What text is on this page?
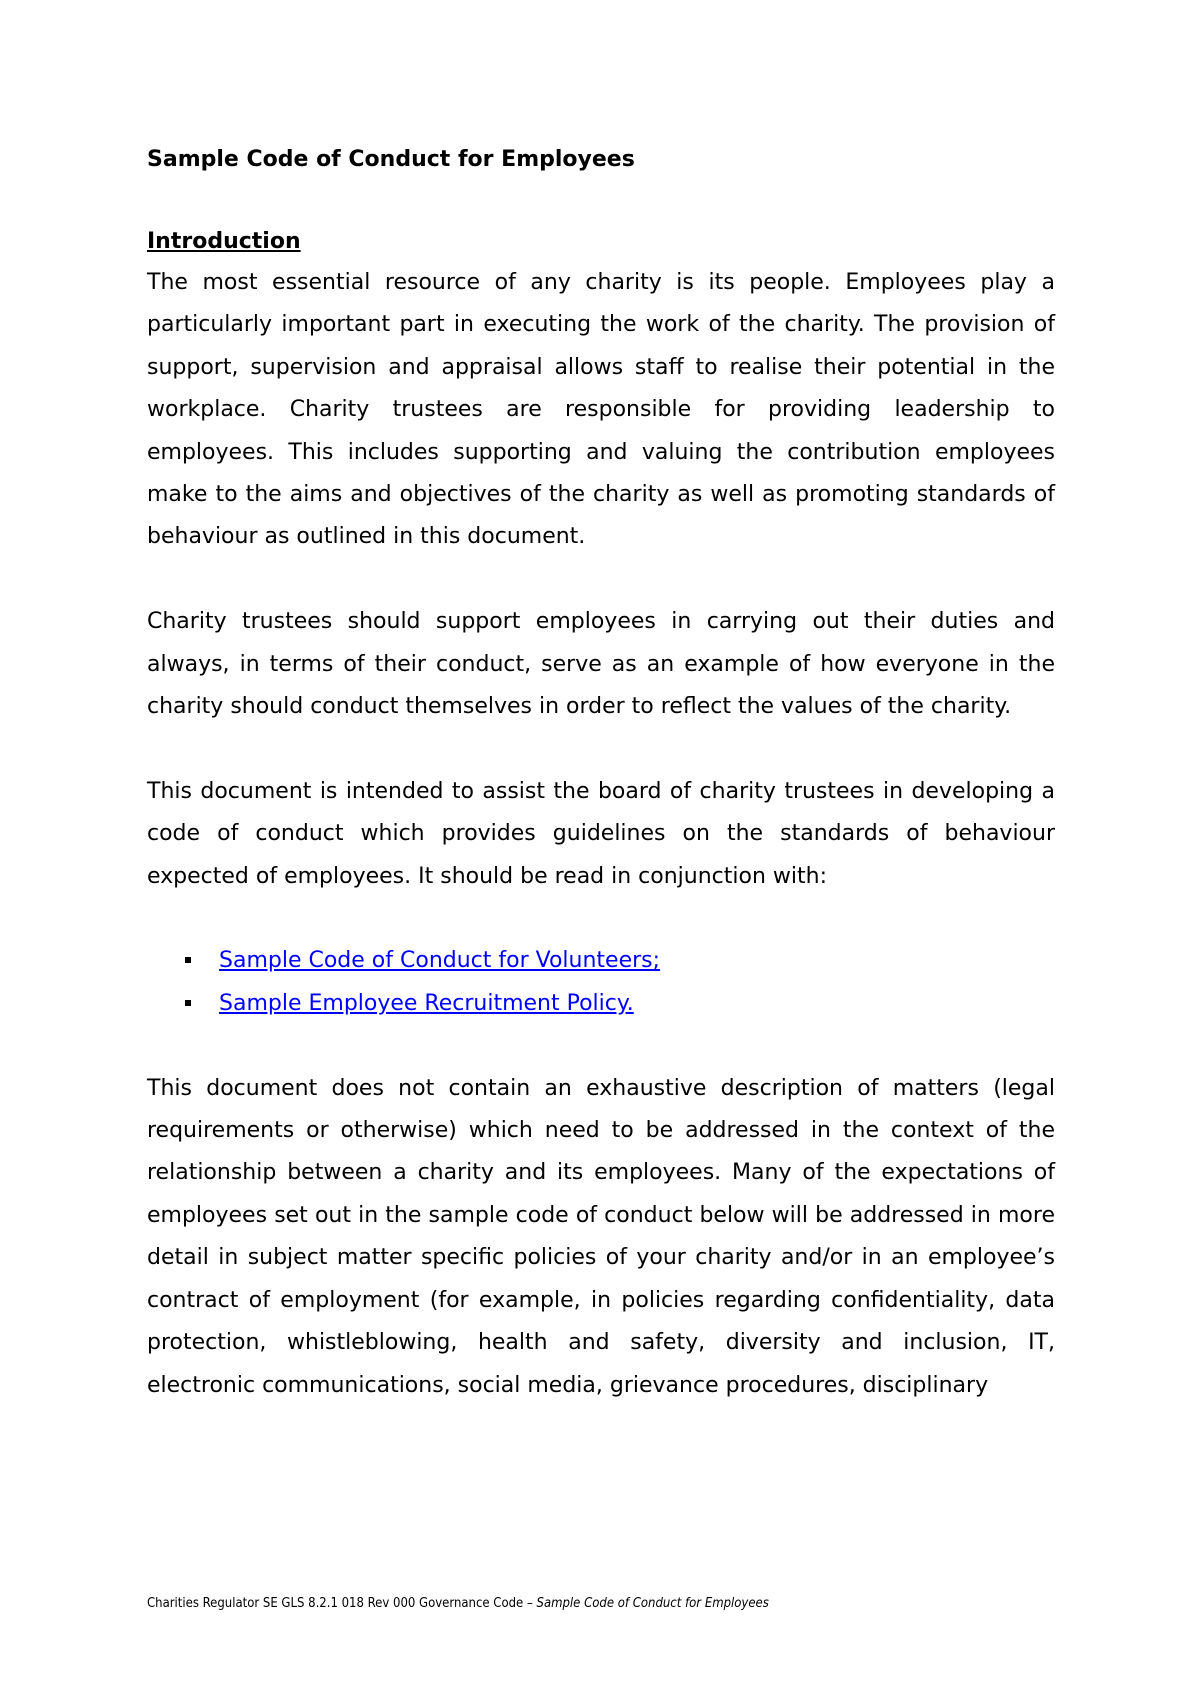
Sample Code of Conduct for Employees
Introduction

The most essential resource of any charity is its people. Employees play a particularly important part in executing the work of the charity. The provision of support, supervision and appraisal allows staff to realise their potential in the workplace. Charity trustees are responsible for providing leadership to employees. This includes supporting and valuing the contribution employees make to the aims and objectives of the charity as well as promoting standards of behaviour as outlined in this document.

Charity trustees should support employees in carrying out their duties and always, in terms of their conduct, serve as an example of how everyone in the charity should conduct themselves in order to reflect the values of the charity.

This document is intended to assist the board of charity trustees in developing a code of conduct which provides guidelines on the standards of behaviour expected of employees. It should be read in conjunction with:

Sample Code of Conduct for Volunteers;
Sample Employee Recruitment Policy.

This document does not contain an exhaustive description of matters (legal requirements or otherwise) which need to be addressed in the context of the relationship between a charity and its employees. Many of the expectations of employees set out in the sample code of conduct below will be addressed in more detail in subject matter specific policies of your charity and/or in an employee’s contract of employment (for example, in policies regarding confidentiality, data protection, whistleblowing, health and safety, diversity and inclusion, IT, electronic communications, social media, grievance procedures, disciplinary

Charities Regulator SE GLS 8.2.1 018 Rev 000 Governance Code – Sample Code of Conduct for Employees
